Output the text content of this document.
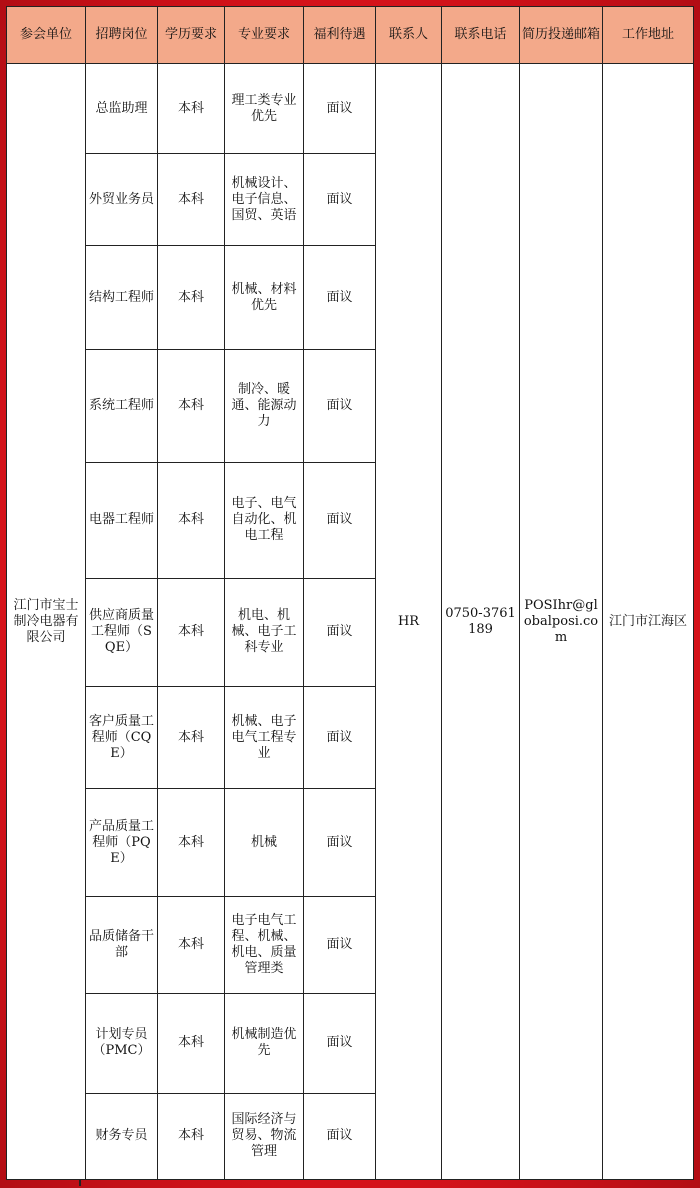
参会单位	招聘岗位	学历要求	专业要求	福利待遇	联系人	联系电话	简历投递邮箱	工作地址
江门市宝士制冷电器有限公司	总监助理	本科	理工类专业优先	面议	HR	0750-3761189	POSIhr@globalposi.com	江门市江海区
	外贸业务员	本科	机械设计、电子信息、国贸、英语	面议				
	结构工程师	本科	机械、材料优先	面议				
	系统工程师	本科	制冷、暖通、能源动力	面议				
	电器工程师	本科	电子、电气自动化、机电工程	面议				
	供应商质量工程师（SQE）	本科	机电、机械、电子工科专业	面议				
	客户质量工程师（CQE）	本科	机械、电子电气工程专业	面议				
	产品质量工程师（PQE）	本科	机械	面议				
	品质储备干部	本科	电子电气工程、机械、机电、质量管理类	面议				
	计划专员（PMC）	本科	机械制造优先	面议				
	财务专员	本科	国际经济与贸易、物流管理	面议				
